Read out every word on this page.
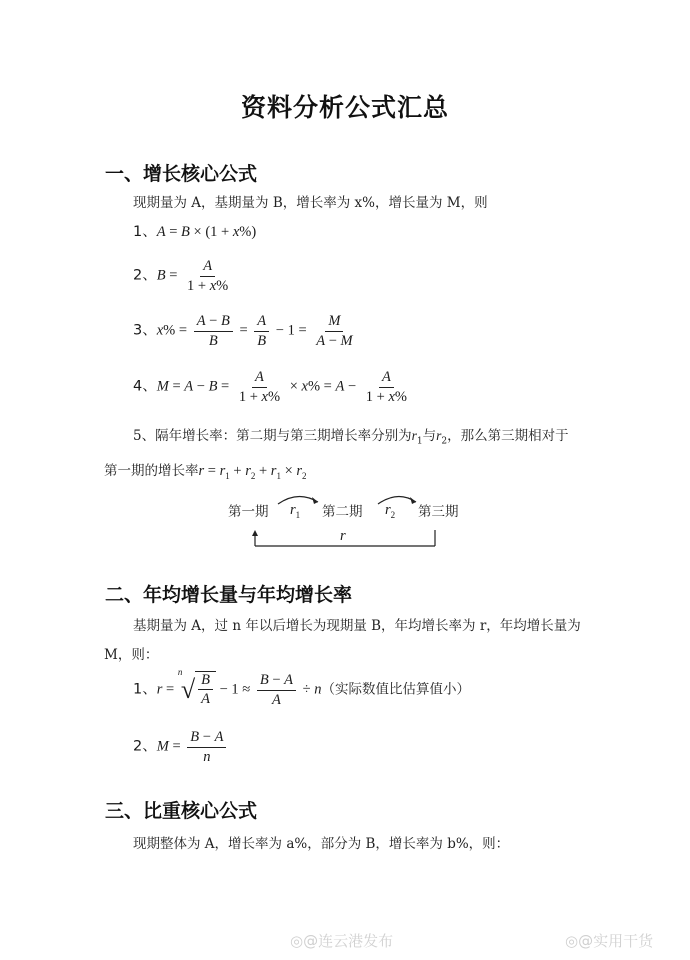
资料分析公式汇总
一、增长核心公式
现期量为 A，基期量为 B，增长率为 x%，增长量为 M，则
1、A = B × (1 + x%)
2、$B = \frac{A}{1 + x\%}$
3、$x\% = \frac{A - B}{B} = \frac{A}{B} - 1 = \frac{M}{A - M}$
4、$M = A - B = \frac{A}{1 + x\%} \times x\% = A - \frac{A}{1 + x\%}$
5、隔年增长率：第二期与第三期增长率分别为$r_1$与$r_2$，那么第三期相对于
第一期的增长率$r = r_1 + r_2 + r_1 \times r_2$
第一期 $r_1$ 第二期 $r_2$ 第三期
r
二、年均增长量与年均增长率
基期量为 A，过 n 年以后增长为现期量 B，年均增长率为 r，年均增长量为
M，则：
1、r =
n
√ $\frac{B}{A} - 1 \approx \frac{B - A}{A} \div n$（实际数值比估算值小）
2、$M = \frac{B - A}{n}$
三、比重核心公式
现期整体为 A，增长率为 a%，部分为 B，增长率为 b%，则：
◎@连云港发布	◎@实用干货
